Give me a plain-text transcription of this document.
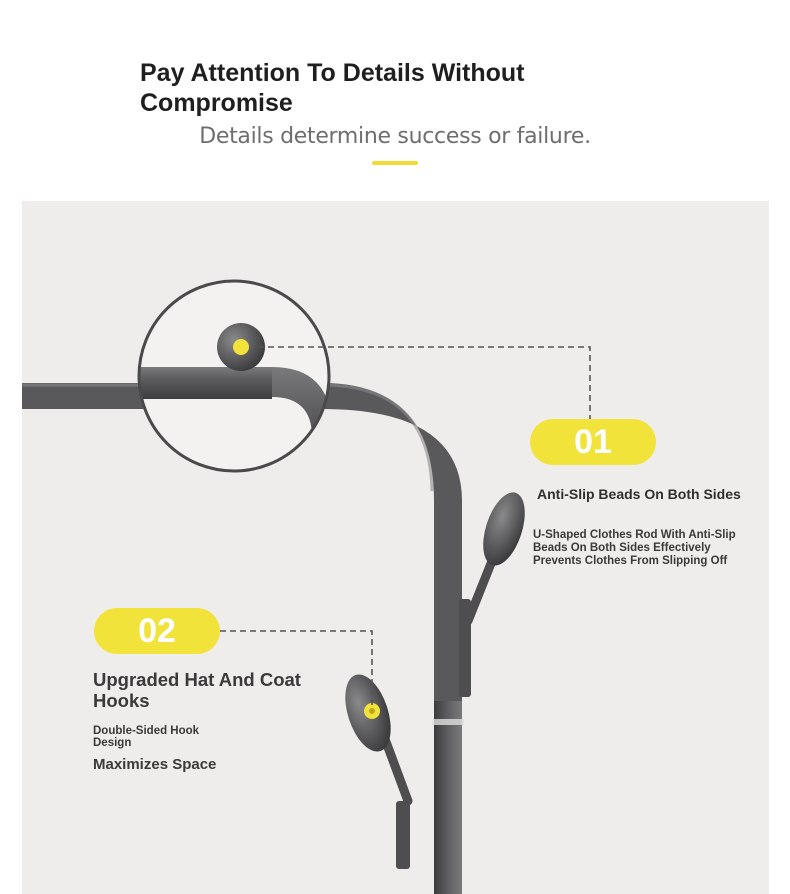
Pay Attention To Details Without Compromise
Details determine success or failure.
01
Anti-Slip Beads On Both Sides
U-Shaped Clothes Rod With Anti-Slip Beads On Both Sides Effectively Prevents Clothes From Slipping Off
02
Upgraded Hat And Coat Hooks
Double-Sided Hook Design
Maximizes Space
